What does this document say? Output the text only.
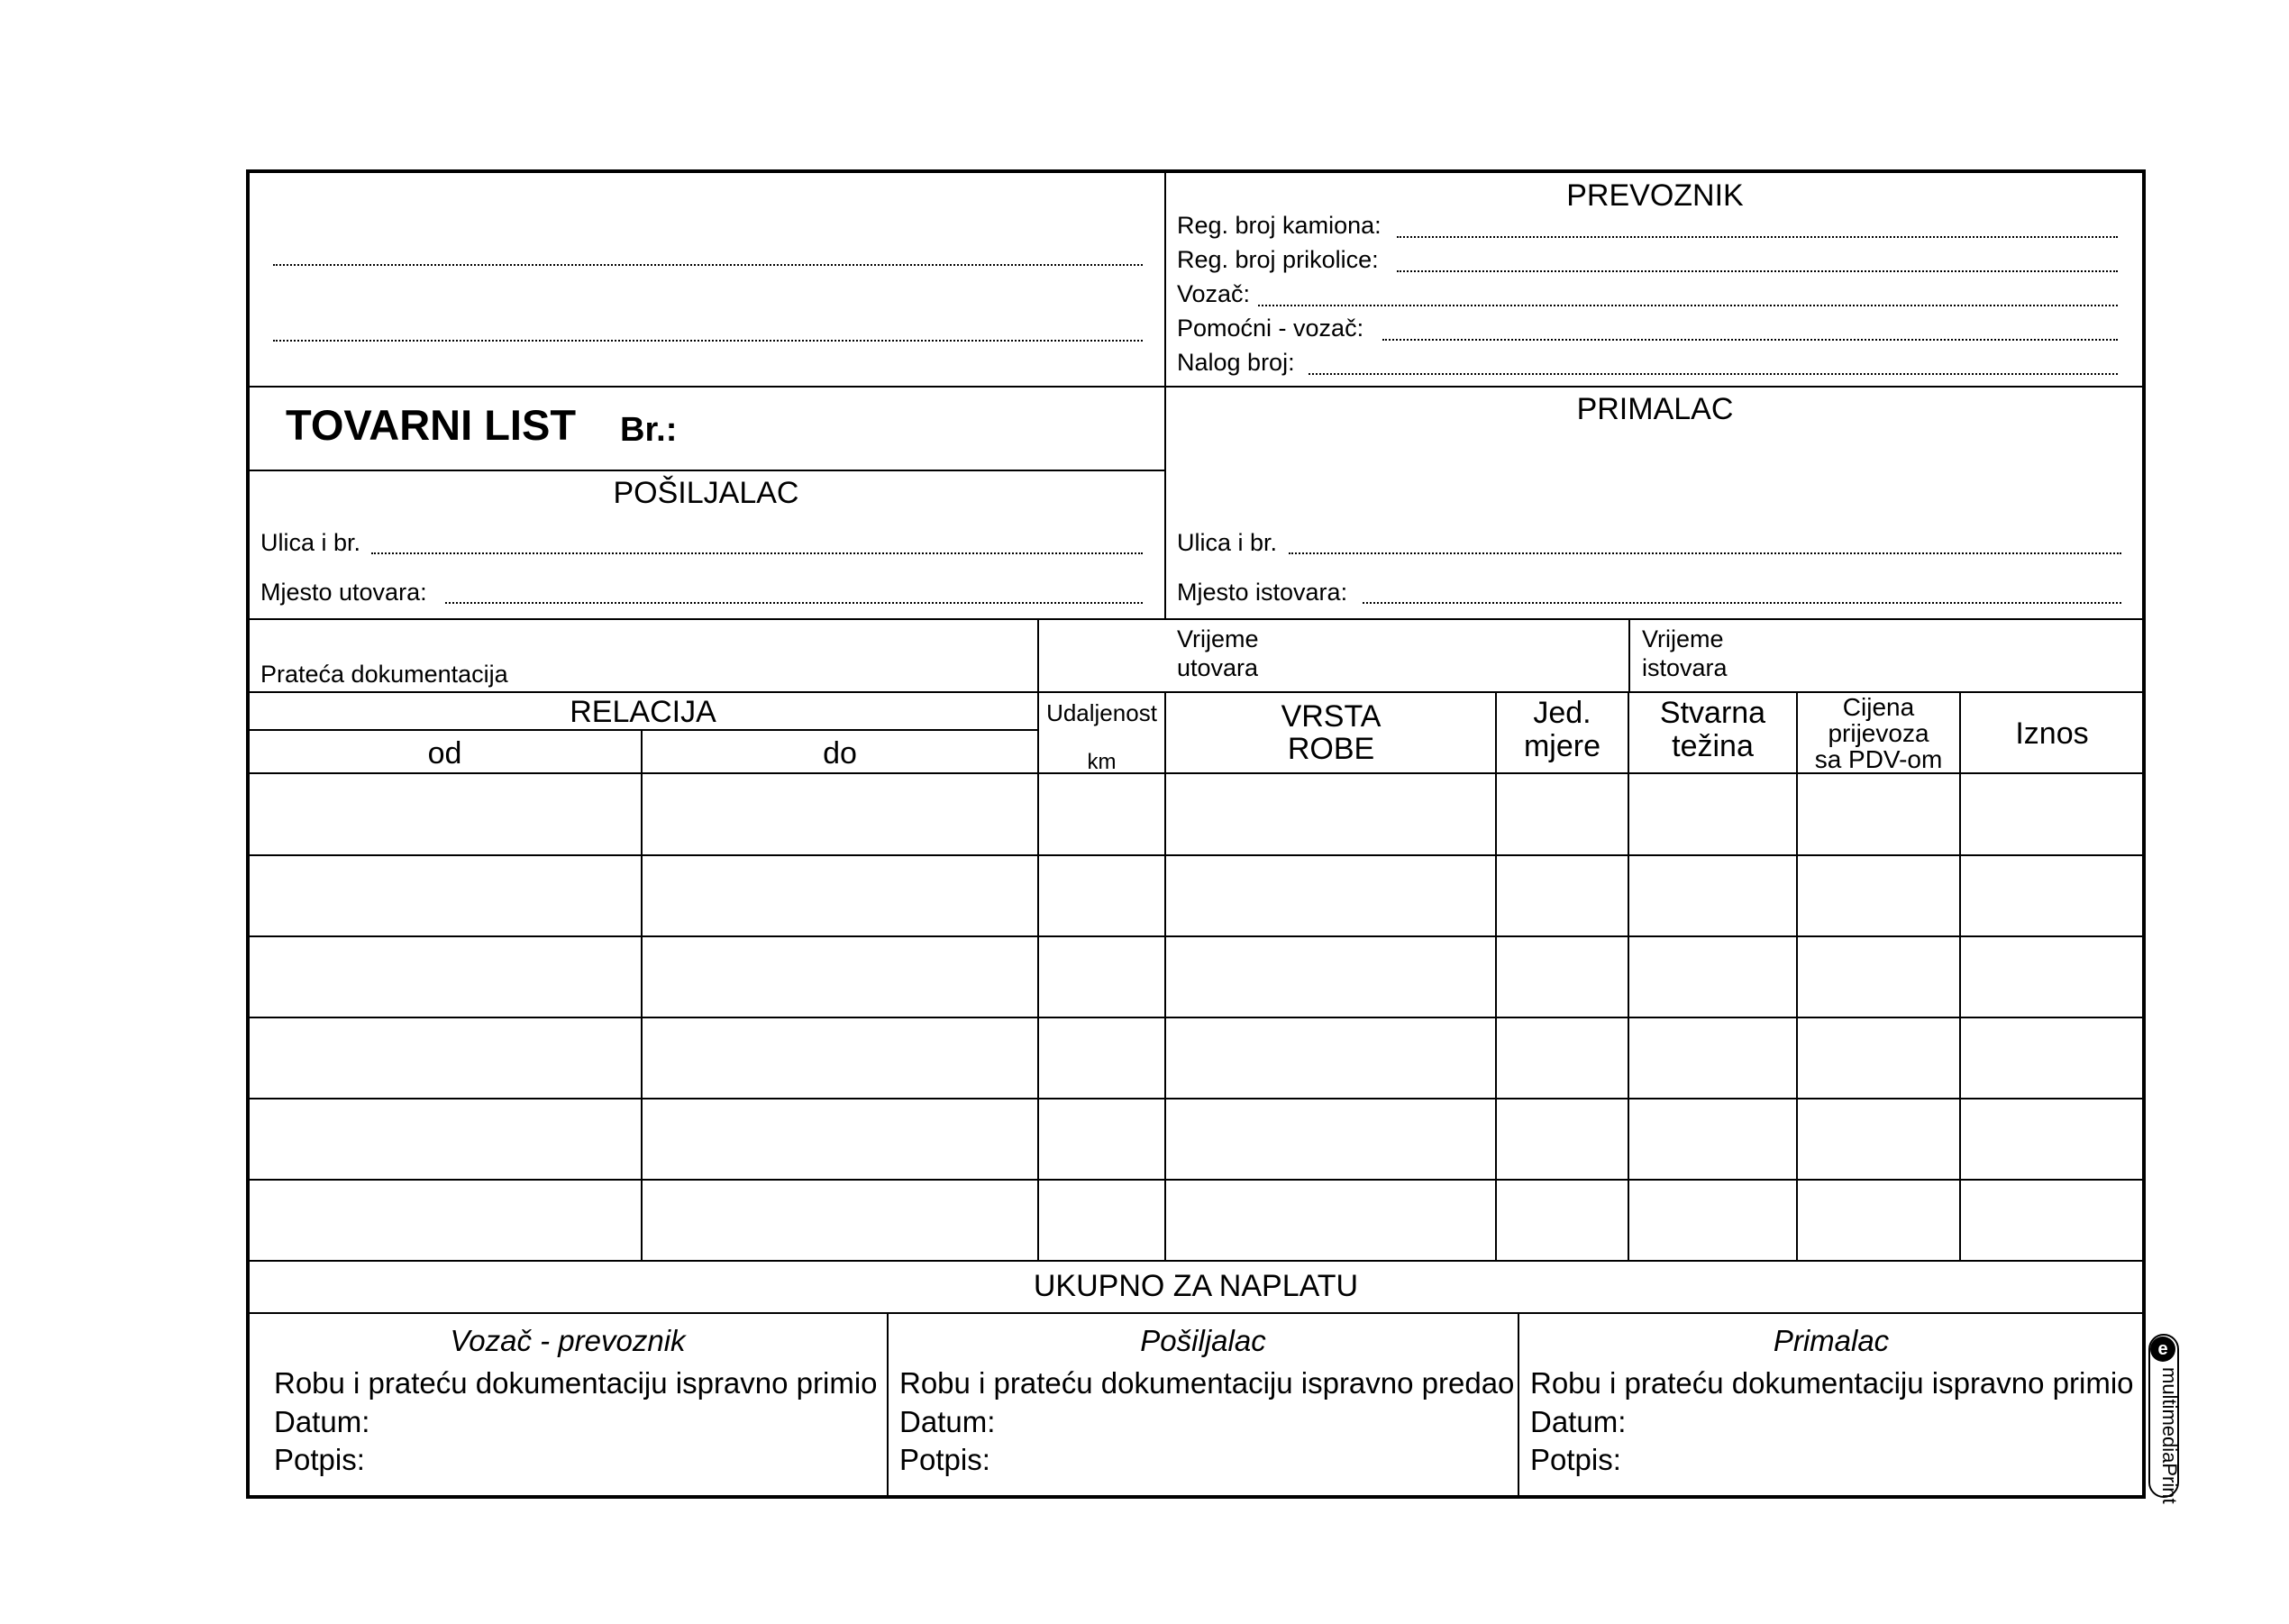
PREVOZNIK
Reg. broj kamiona:
Reg. broj prikolice:
Vozač:
Pomoćni - vozač:
Nalog broj:
TOVARNI LIST Br.:
POŠILJALAC
Ulica i br.
Mjesto utovara:
PRIMALAC
Ulica i br.
Mjesto istovara:
Prateća dokumentacija
Vrijeme
utovara
Vrijeme
istovara
RELACIJA
od	do
Udaljenost
km
VRSTA
ROBE
Jed.
mjere
Stvarna
težina
Cijena
prijevoza
sa PDV-om
Iznos
UKUPNO ZA NAPLATU
Vozač - prevoznik
Robu i prateću dokumentaciju ispravno primio
Datum:
Potpis:
Pošiljalac
Robu i prateću dokumentaciju ispravno predao
Datum:
Potpis:
Primalac
Robu i prateću dokumentaciju ispravno primio
Datum:
Potpis:
e
multimediaPrint
